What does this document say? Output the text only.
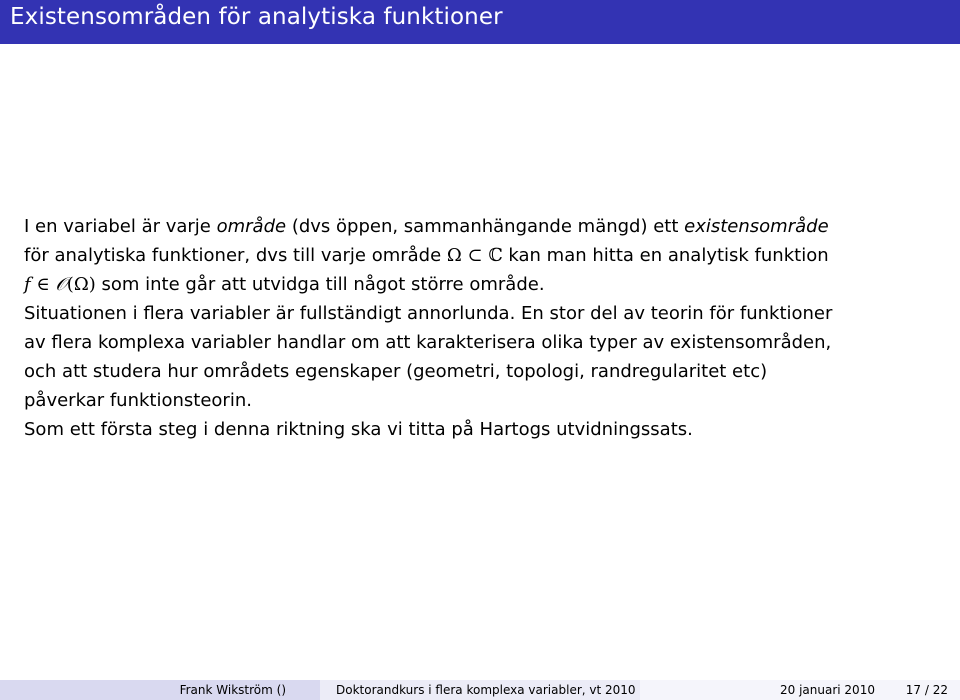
Existensområden för analytiska funktioner
I en variabel är varje område (dvs öppen, sammanhängande mängd) ett existensområde
för analytiska funktioner, dvs till varje område Ω ⊂ ℂ kan man hitta en analytisk funktion
f ∈ 𝒪(Ω) som inte går att utvidga till något större område.
Situationen i flera variabler är fullständigt annorlunda. En stor del av teorin för funktioner
av flera komplexa variabler handlar om att karakterisera olika typer av existensområden,
och att studera hur områdets egenskaper (geometri, topologi, randregularitet etc)
påverkar funktionsteorin.
Som ett första steg i denna riktning ska vi titta på Hartogs utvidningssats.
Frank Wikström ()	Doktorandkurs i flera komplexa variabler, vt 2010	20 januari 2010	17 / 22
